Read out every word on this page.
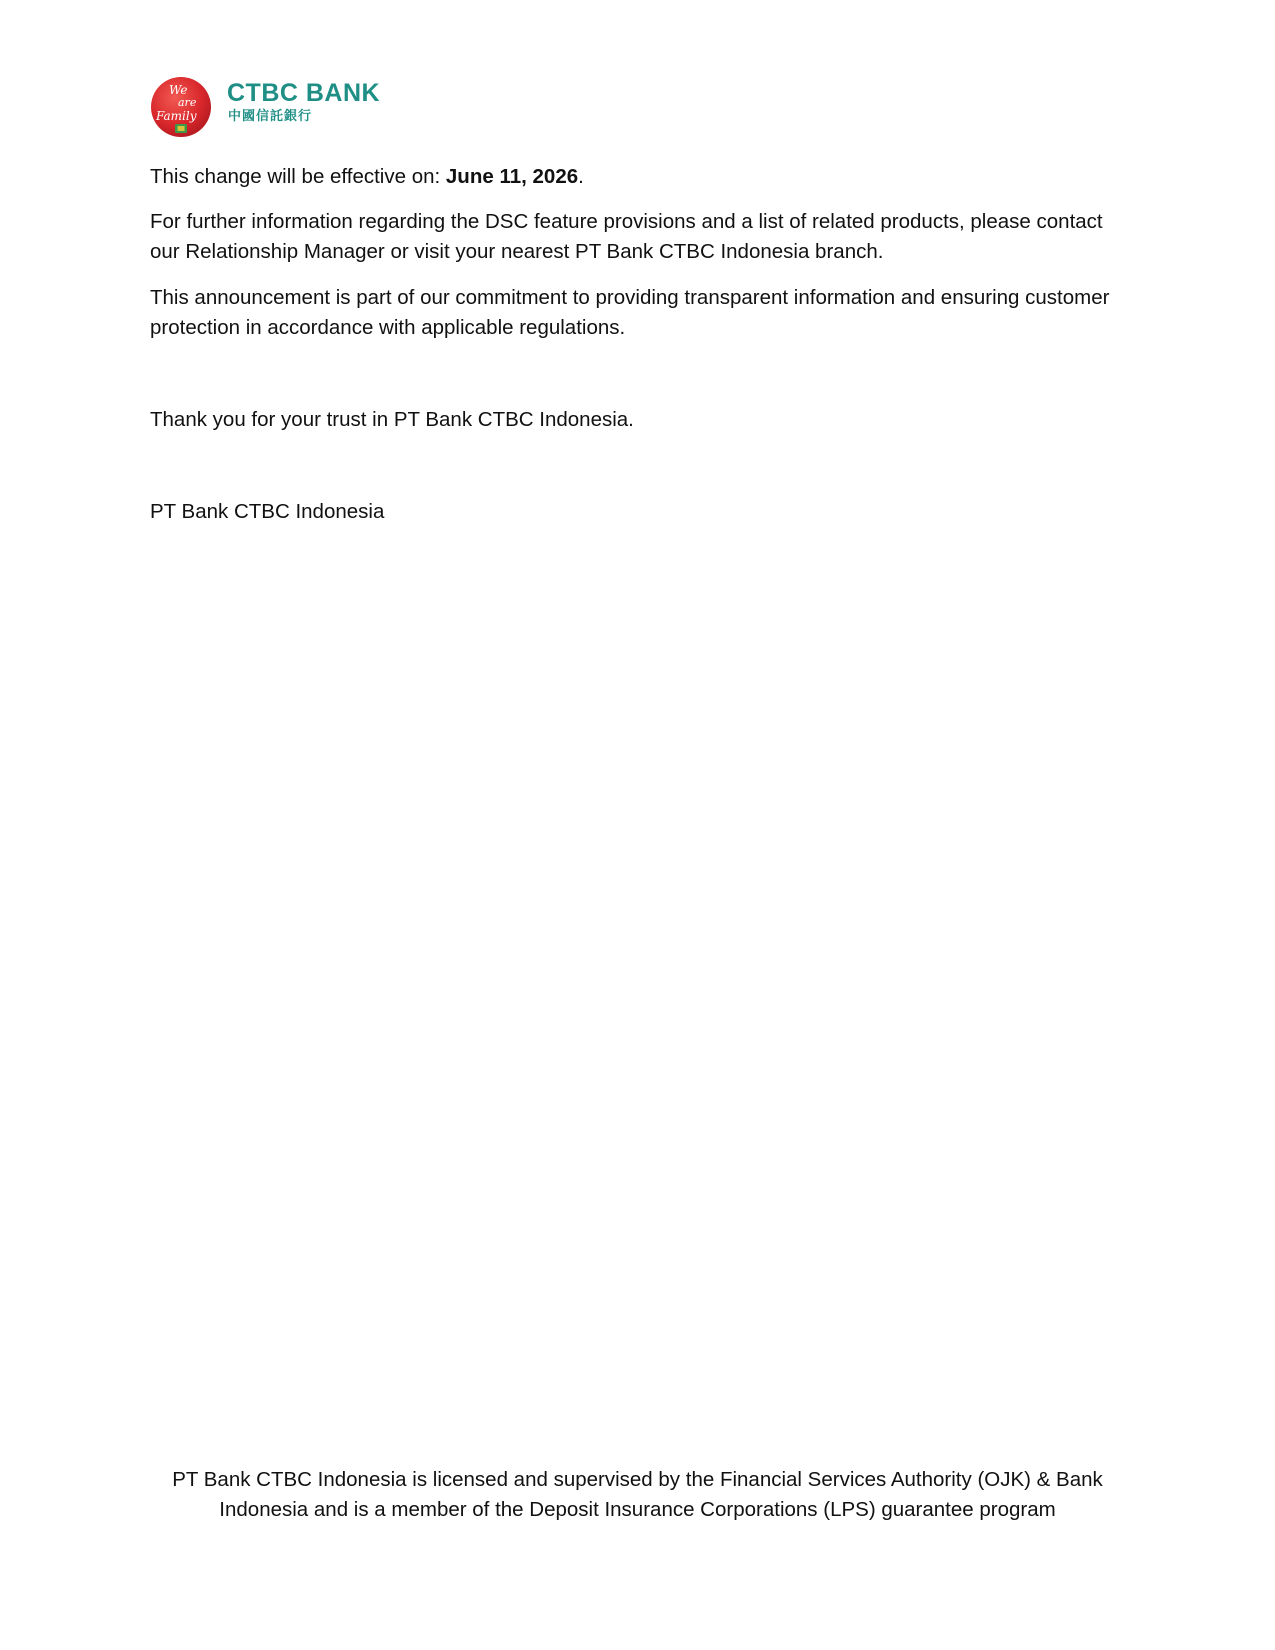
We
are
Family
CTBC BANK
中國信託銀行

This change will be effective on: June 11, 2026.

For further information regarding the DSC feature provisions and a list of related products, please contact our Relationship Manager or visit your nearest PT Bank CTBC Indonesia branch.

This announcement is part of our commitment to providing transparent information and ensuring customer protection in accordance with applicable regulations.

Thank you for your trust in PT Bank CTBC Indonesia.

PT Bank CTBC Indonesia

PT Bank CTBC Indonesia is licensed and supervised by the Financial Services Authority (OJK) & Bank
Indonesia and is a member of the Deposit Insurance Corporations (LPS) guarantee program
